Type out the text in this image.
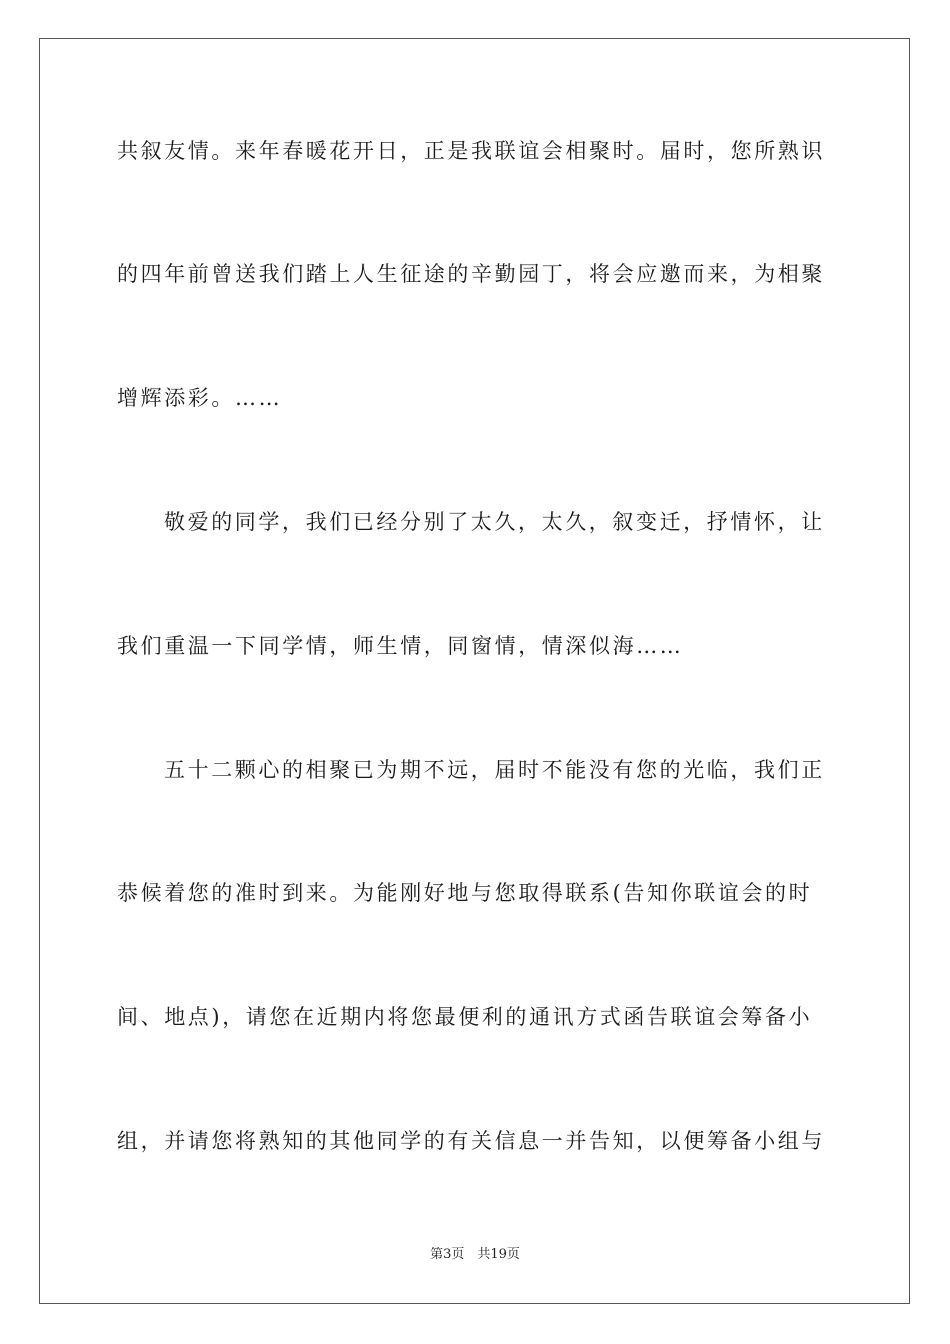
共叙友情。来年春暖花开日，正是我联谊会相聚时。届时，您所熟识
的四年前曾送我们踏上人生征途的辛勤园丁，将会应邀而来，为相聚
增辉添彩。……
敬爱的同学，我们已经分别了太久，太久，叙变迁，抒情怀，让
我们重温一下同学情，师生情，同窗情，情深似海……
五十二颗心的相聚已为期不远，届时不能没有您的光临，我们正
恭候着您的准时到来。为能刚好地与您取得联系(告知你联谊会的时
间、地点)，请您在近期内将您最便利的通讯方式函告联谊会筹备小
组，并请您将熟知的其他同学的有关信息一并告知，以便筹备小组与
第3页　共19页
